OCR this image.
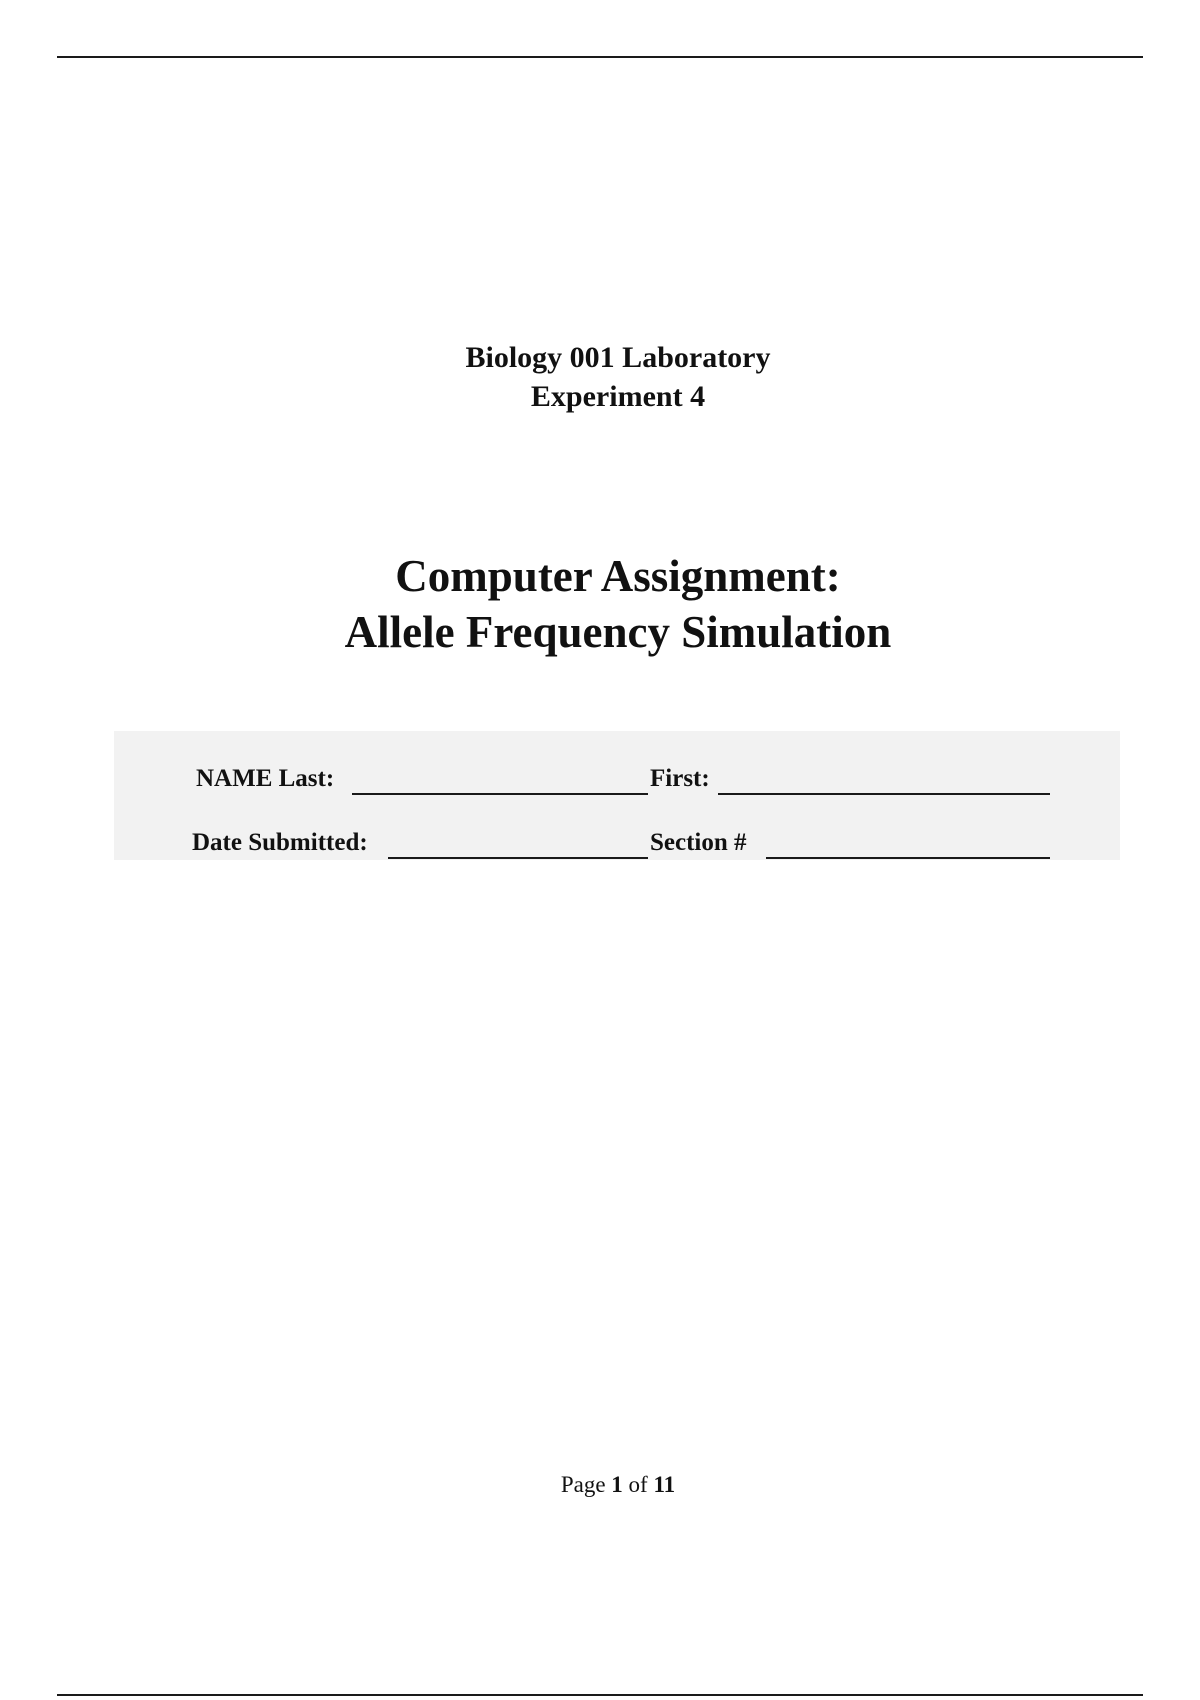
Biology 001 Laboratory
Experiment 4
Computer Assignment:
Allele Frequency Simulation
NAME Last:	First:
Date Submitted:	Section #
Page 1 of 11
